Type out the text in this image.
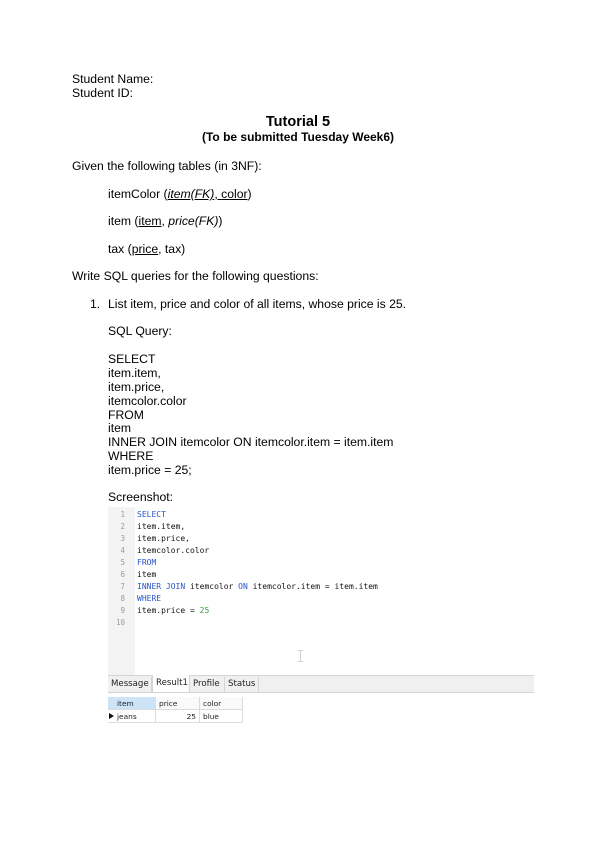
Student Name:
Student ID:
Tutorial 5
(To be submitted Tuesday Week6)
Given the following tables (in 3NF):
itemColor (item(FK), color)
item (item, price(FK))
tax (price, tax)
Write SQL queries for the following questions:
1. List item, price and color of all items, whose price is 25.
SQL Query:
SELECT
item.item,
item.price,
itemcolor.color
FROM
item
INNER JOIN itemcolor ON itemcolor.item = item.item
WHERE
item.price = 25;
Screenshot:
1 SELECT
2 item.item,
3 item.price,
4 itemcolor.color
5 FROM
6 item
7 INNER JOIN itemcolor ON itemcolor.item = item.item
8 WHERE
9 item.price = 25
10
Message Result1 Profile Status
item	price	color
jeans	25 blue
